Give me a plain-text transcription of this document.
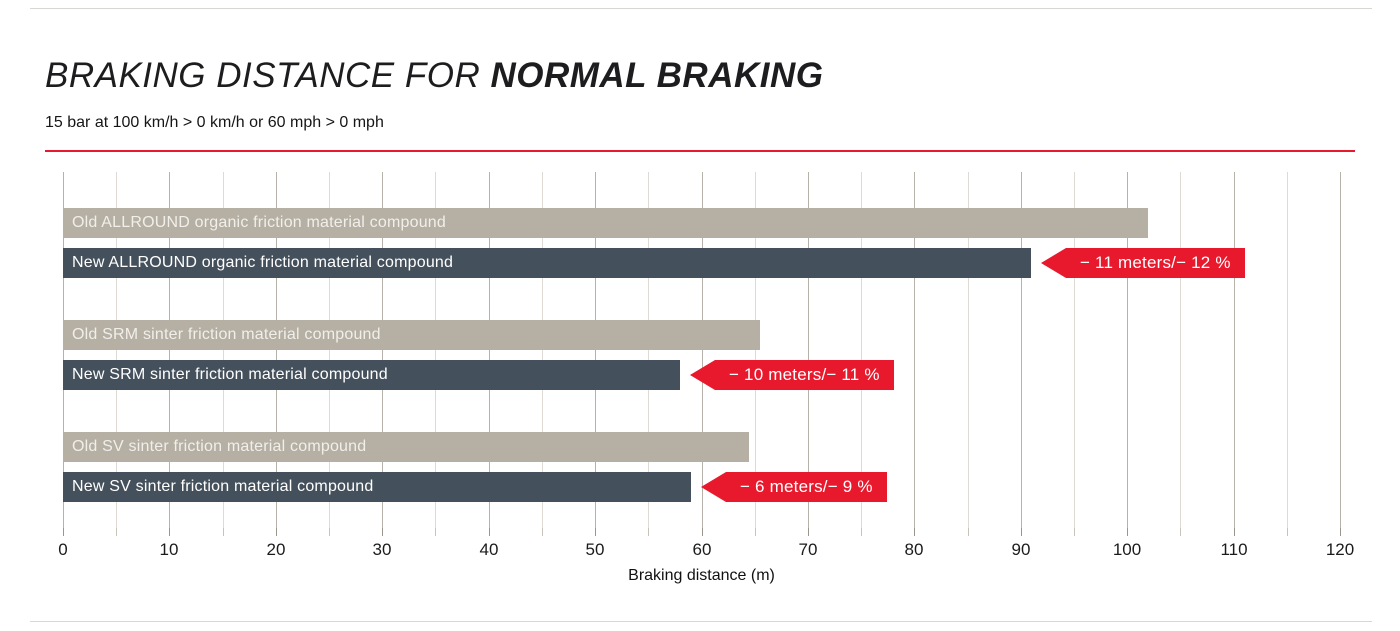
BRAKING DISTANCE FOR NORMAL BRAKING
15 bar at 100 km/h > 0 km/h or 60 mph > 0 mph
Old ALLROUND organic friction material compound
New ALLROUND organic friction material compound	− 11 meters/− 12 %
Old SRM sinter friction material compound
New SRM sinter friction material compound	− 10 meters/− 11 %
Old SV sinter friction material compound
New SV sinter friction material compound	− 6 meters/− 9 %
0	10	20	30	40	50	60	70	80	90	100	110	120
Braking distance (m)
